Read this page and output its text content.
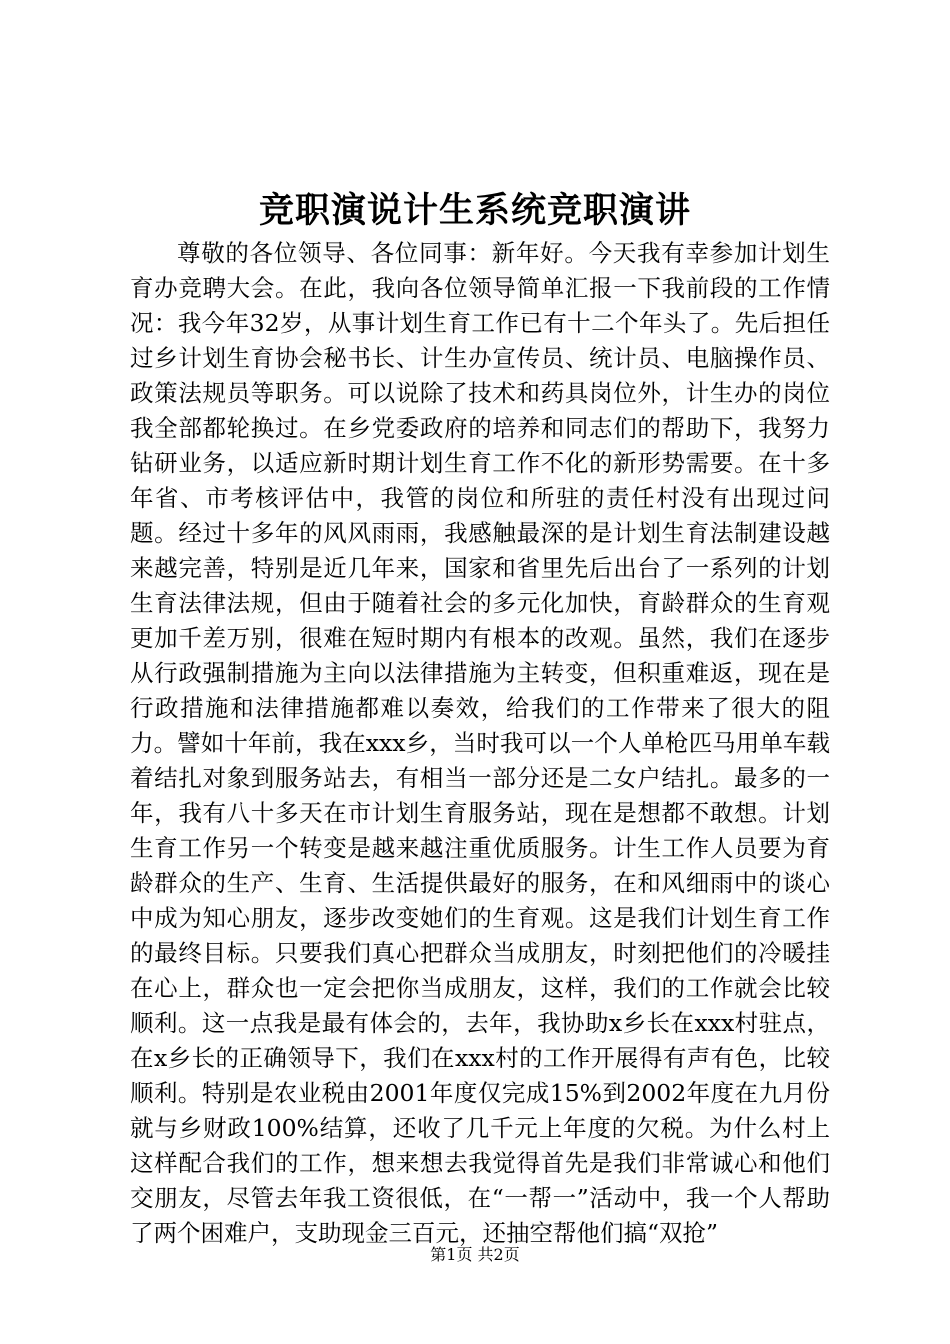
竞职演说计生系统竞职演讲

尊敬的各位领导、各位同事：新年好。今天我有幸参加计划生育办竞聘大会。在此，我向各位领导简单汇报一下我前段的工作情况：我今年32岁，从事计划生育工作已有十二个年头了。先后担任过乡计划生育协会秘书长、计生办宣传员、统计员、电脑操作员、政策法规员等职务。可以说除了技术和药具岗位外，计生办的岗位我全部都轮换过。在乡党委政府的培养和同志们的帮助下，我努力钻研业务，以适应新时期计划生育工作不化的新形势需要。在十多年省、市考核评估中，我管的岗位和所驻的责任村没有出现过问题。经过十多年的风风雨雨，我感触最深的是计划生育法制建设越来越完善，特别是近几年来，国家和省里先后出台了一系列的计划生育法律法规，但由于随着社会的多元化加快，育龄群众的生育观更加千差万别，很难在短时期内有根本的改观。虽然，我们在逐步从行政强制措施为主向以法律措施为主转变，但积重难返，现在是行政措施和法律措施都难以奏效，给我们的工作带来了很大的阻力。譬如十年前，我在xxx乡，当时我可以一个人单枪匹马用单车载着结扎对象到服务站去，有相当一部分还是二女户结扎。最多的一年，我有八十多天在市计划生育服务站，现在是想都不敢想。计划生育工作另一个转变是越来越注重优质服务。计生工作人员要为育龄群众的生产、生育、生活提供最好的服务，在和风细雨中的谈心中成为知心朋友，逐步改变她们的生育观。这是我们计划生育工作的最终目标。只要我们真心把群众当成朋友，时刻把他们的冷暖挂在心上，群众也一定会把你当成朋友，这样，我们的工作就会比较顺利。这一点我是最有体会的，去年，我协助x乡长在xxx村驻点，在x乡长的正确领导下，我们在xxx村的工作开展得有声有色，比较顺利。特别是农业税由2001年度仅完成15%到2002年度在九月份就与乡财政100%结算，还收了几千元上年度的欠税。为什么村上这样配合我们的工作，想来想去我觉得首先是我们非常诚心和他们交朋友，尽管去年我工资很低，在“一帮一”活动中，我一个人帮助了两个困难户，支助现金三百元，还抽空帮他们搞“双抢”

第1页 共2页
